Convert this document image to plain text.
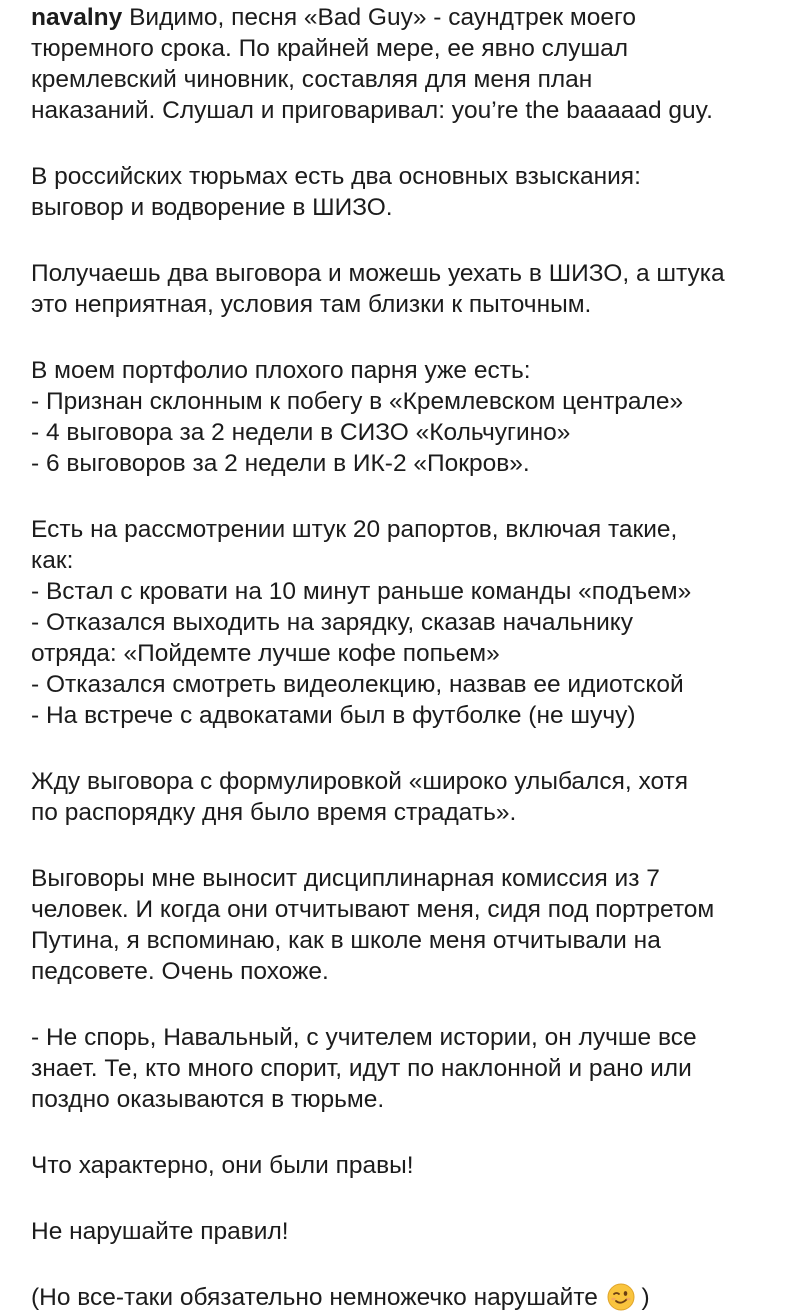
navalny Видимо, песня «Bad Guy» - саундтрек моего
тюремного срока. По крайней мере, ее явно слушал
кремлевский чиновник, составляя для меня план
наказаний. Слушал и приговаривал: you’re the baaaaad guy.
В российских тюрьмах есть два основных взыскания:
выговор и водворение в ШИЗО.
Получаешь два выговора и можешь уехать в ШИЗО, а штука
это неприятная, условия там близки к пыточным.
В моем портфолио плохого парня уже есть:
- Признан склонным к побегу в «Кремлевском централе»
- 4 выговора за 2 недели в СИЗО «Кольчугино»
- 6 выговоров за 2 недели в ИК-2 «Покров».
Есть на рассмотрении штук 20 рапортов, включая такие,
как:
- Встал с кровати на 10 минут раньше команды «подъем»
- Отказался выходить на зарядку, сказав начальнику
отряда: «Пойдемте лучше кофе попьем»
- Отказался смотреть видеолекцию, назвав ее идиотской
- На встрече с адвокатами был в футболке (не шучу)
Жду выговора с формулировкой «широко улыбался, хотя
по распорядку дня было время страдать».
Выговоры мне выносит дисциплинарная комиссия из 7
человек. И когда они отчитывают меня, сидя под портретом
Путина, я вспоминаю, как в школе меня отчитывали на
педсовете. Очень похоже.
- Не спорь, Навальный, с учителем истории, он лучше все
знает. Те, кто много спорит, идут по наклонной и рано или
поздно оказываются в тюрьме.
Что характерно, они были правы!
Не нарушайте правил!
(Но все-таки обязательно немножечко нарушайте )
